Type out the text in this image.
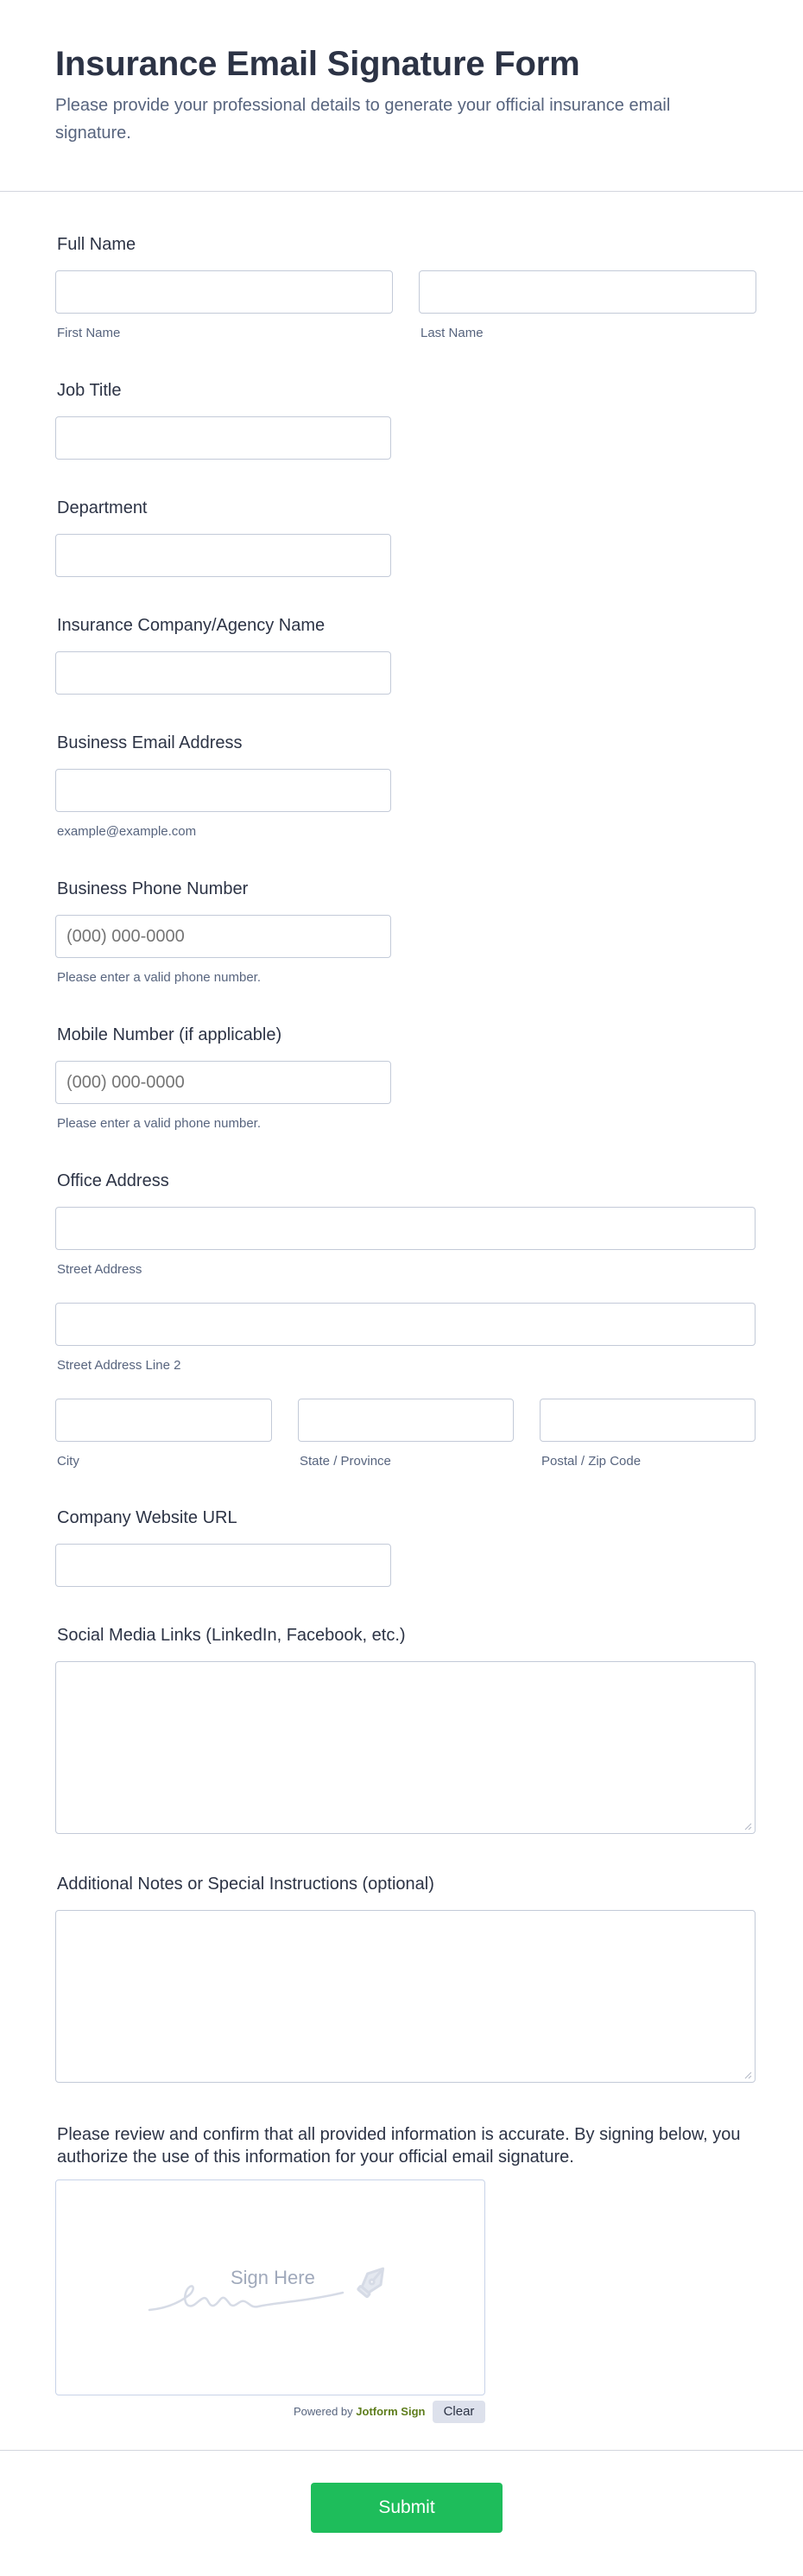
Insurance Email Signature Form

Please provide your professional details to generate your official insurance email signature.

Full Name
First Name	Last Name
Job Title
Department
Insurance Company/Agency Name
Business Email Address
example@example.com
Business Phone Number
(000) 000-0000
Please enter a valid phone number.
Mobile Number (if applicable)
(000) 000-0000
Please enter a valid phone number.
Office Address
Street Address
Street Address Line 2
City	State / Province	Postal / Zip Code
Company Website URL
Social Media Links (LinkedIn, Facebook, etc.)
Additional Notes or Special Instructions (optional)
Please review and confirm that all provided information is accurate. By signing below, you authorize the use of this information for your official email signature.
Sign Here
Powered by Jotform Sign	Clear
Submit
